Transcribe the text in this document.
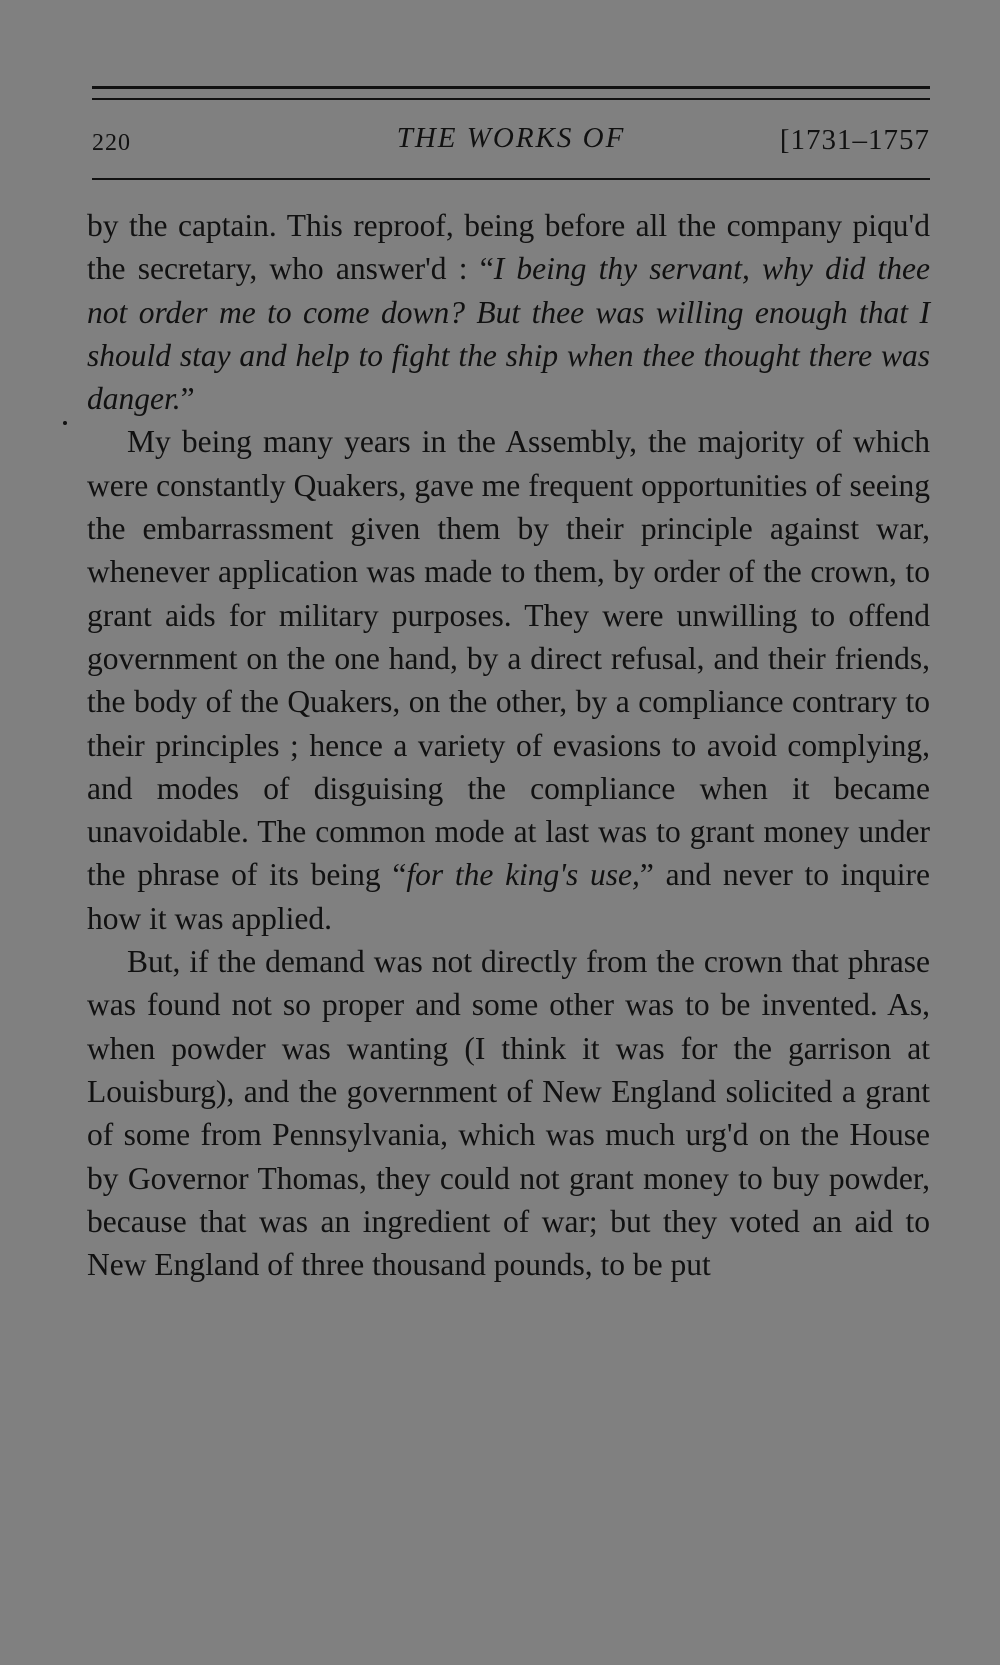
220	THE WORKS OF	[1731–1757

by the captain. This reproof, being before all the company piqu'd the secretary, who answer'd : “I being thy servant, why did thee not order me to come down? But thee was willing enough that I should stay and help to fight the ship when thee thought there was danger.”

My being many years in the Assembly, the majority of which were constantly Quakers, gave me frequent opportunities of seeing the embarrassment given them by their principle against war, whenever application was made to them, by order of the crown, to grant aids for military purposes. They were unwilling to offend government on the one hand, by a direct refusal, and their friends, the body of the Quakers, on the other, by a compliance contrary to their principles ; hence a variety of evasions to avoid complying, and modes of disguising the compliance when it became unavoidable. The common mode at last was to grant money under the phrase of its being “for the king's use,” and never to inquire how it was applied.

But, if the demand was not directly from the crown that phrase was found not so proper and some other was to be invented. As, when powder was wanting (I think it was for the garrison at Louisburg), and the government of New England solicited a grant of some from Pennsylvania, which was much urg'd on the House by Governor Thomas, they could not grant money to buy powder, because that was an ingredient of war; but they voted an aid to New England of three thousand pounds, to be put
